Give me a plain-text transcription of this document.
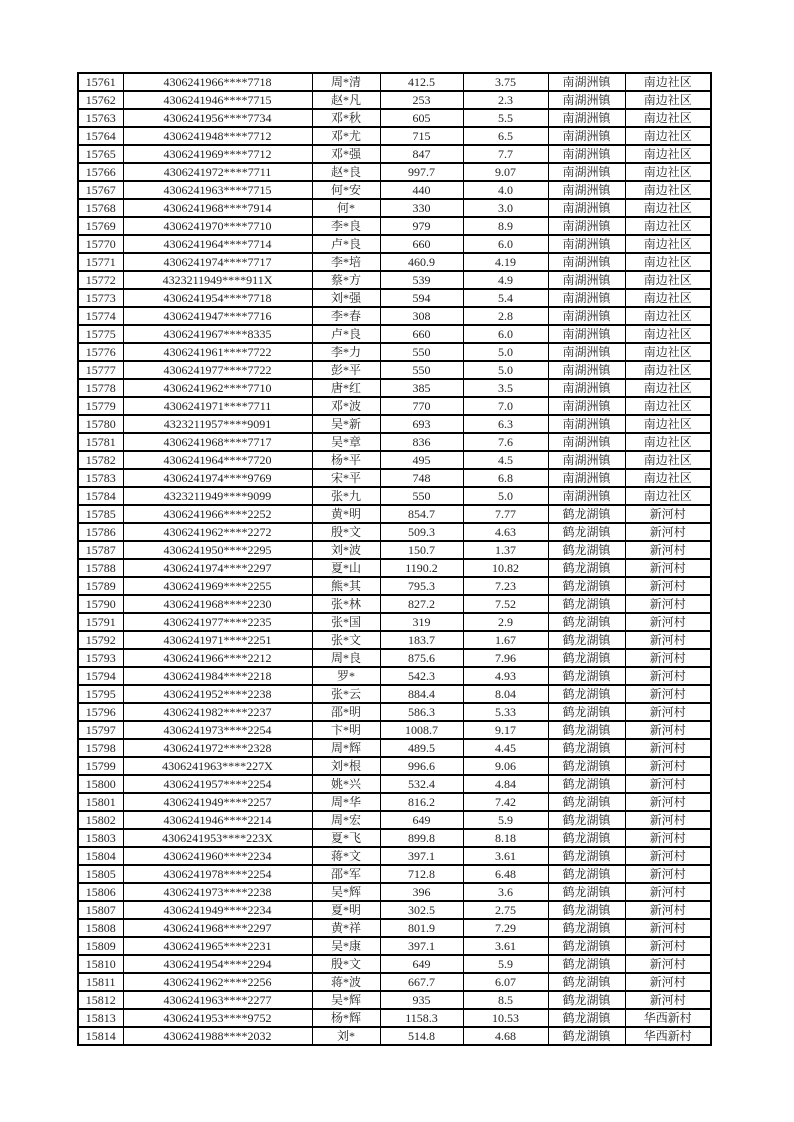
15761	4306241966****7718	周*清	412.5	3.75	南湖洲镇	南边社区
15762	4306241946****7715	赵*凡	253	2.3	南湖洲镇	南边社区
15763	4306241956****7734	邓*秋	605	5.5	南湖洲镇	南边社区
15764	4306241948****7712	邓*尤	715	6.5	南湖洲镇	南边社区
15765	4306241969****7712	邓*强	847	7.7	南湖洲镇	南边社区
15766	4306241972****7711	赵*良	997.7	9.07	南湖洲镇	南边社区
15767	4306241963****7715	何*安	440	4.0	南湖洲镇	南边社区
15768	4306241968****7914	何*	330	3.0	南湖洲镇	南边社区
15769	4306241970****7710	李*良	979	8.9	南湖洲镇	南边社区
15770	4306241964****7714	卢*良	660	6.0	南湖洲镇	南边社区
15771	4306241974****7717	李*培	460.9	4.19	南湖洲镇	南边社区
15772	4323211949****911X	蔡*方	539	4.9	南湖洲镇	南边社区
15773	4306241954****7718	刘*强	594	5.4	南湖洲镇	南边社区
15774	4306241947****7716	李*春	308	2.8	南湖洲镇	南边社区
15775	4306241967****8335	卢*良	660	6.0	南湖洲镇	南边社区
15776	4306241961****7722	李*力	550	5.0	南湖洲镇	南边社区
15777	4306241977****7722	彭*平	550	5.0	南湖洲镇	南边社区
15778	4306241962****7710	唐*红	385	3.5	南湖洲镇	南边社区
15779	4306241971****7711	邓*波	770	7.0	南湖洲镇	南边社区
15780	4323211957****9091	吴*新	693	6.3	南湖洲镇	南边社区
15781	4306241968****7717	吴*章	836	7.6	南湖洲镇	南边社区
15782	4306241964****7720	杨*平	495	4.5	南湖洲镇	南边社区
15783	4306241974****9769	宋*平	748	6.8	南湖洲镇	南边社区
15784	4323211949****9099	张*九	550	5.0	南湖洲镇	南边社区
15785	4306241966****2252	黄*明	854.7	7.77	鹤龙湖镇	新河村
15786	4306241962****2272	殷*文	509.3	4.63	鹤龙湖镇	新河村
15787	4306241950****2295	刘*波	150.7	1.37	鹤龙湖镇	新河村
15788	4306241974****2297	夏*山	1190.2	10.82	鹤龙湖镇	新河村
15789	4306241969****2255	熊*其	795.3	7.23	鹤龙湖镇	新河村
15790	4306241968****2230	张*林	827.2	7.52	鹤龙湖镇	新河村
15791	4306241977****2235	张*国	319	2.9	鹤龙湖镇	新河村
15792	4306241971****2251	张*文	183.7	1.67	鹤龙湖镇	新河村
15793	4306241966****2212	周*良	875.6	7.96	鹤龙湖镇	新河村
15794	4306241984****2218	罗*	542.3	4.93	鹤龙湖镇	新河村
15795	4306241952****2238	张*云	884.4	8.04	鹤龙湖镇	新河村
15796	4306241982****2237	邵*明	586.3	5.33	鹤龙湖镇	新河村
15797	4306241973****2254	卞*明	1008.7	9.17	鹤龙湖镇	新河村
15798	4306241972****2328	周*辉	489.5	4.45	鹤龙湖镇	新河村
15799	4306241963****227X	刘*根	996.6	9.06	鹤龙湖镇	新河村
15800	4306241957****2254	姚*兴	532.4	4.84	鹤龙湖镇	新河村
15801	4306241949****2257	周*华	816.2	7.42	鹤龙湖镇	新河村
15802	4306241946****2214	周*宏	649	5.9	鹤龙湖镇	新河村
15803	4306241953****223X	夏*飞	899.8	8.18	鹤龙湖镇	新河村
15804	4306241960****2234	蒋*文	397.1	3.61	鹤龙湖镇	新河村
15805	4306241978****2254	邵*军	712.8	6.48	鹤龙湖镇	新河村
15806	4306241973****2238	吴*辉	396	3.6	鹤龙湖镇	新河村
15807	4306241949****2234	夏*明	302.5	2.75	鹤龙湖镇	新河村
15808	4306241968****2297	黄*祥	801.9	7.29	鹤龙湖镇	新河村
15809	4306241965****2231	吴*康	397.1	3.61	鹤龙湖镇	新河村
15810	4306241954****2294	殷*文	649	5.9	鹤龙湖镇	新河村
15811	4306241962****2256	蒋*波	667.7	6.07	鹤龙湖镇	新河村
15812	4306241963****2277	吴*辉	935	8.5	鹤龙湖镇	新河村
15813	4306241953****9752	杨*辉	1158.3	10.53	鹤龙湖镇	华西新村
15814	4306241988****2032	刘*	514.8	4.68	鹤龙湖镇	华西新村
